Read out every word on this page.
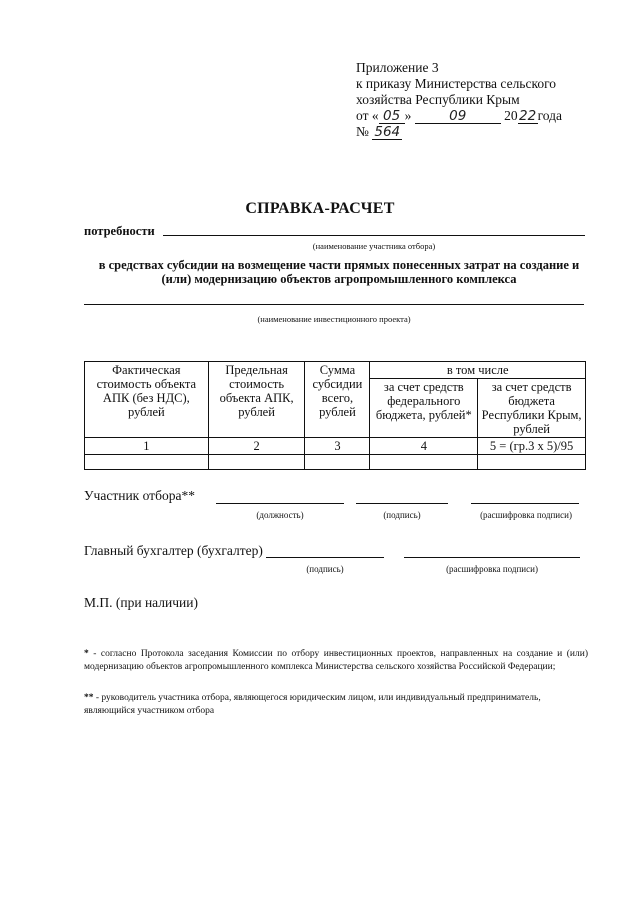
Приложение 3
к приказу Министерства сельского
хозяйства Республики Крым
от « 05 »	09	2022года
№ 564
СПРАВКА-РАСЧЕТ
потребности
(наименование участника отбора)
в средствах субсидии на возмещение части прямых понесенных затрат на создание и (или) модернизацию объектов агропромышленного комплекса
(наименование инвестиционного проекта)
Фактическая стоимость объекта АПК (без НДС), рублей	Предельная стоимость объекта АПК, рублей	Сумма субсидии всего, рублей	в том числе	
			за счет средств федерального бюджета, рублей*	за счет средств бюджета Республики Крым, рублей
1	2	3	4	5 = (гр.3 x 5)/95

Участник отбора**
(должность)	(подпись)	(расшифровка подписи)
Главный бухгалтер (бухгалтер)
(подпись)	(расшифровка подписи)
М.П. (при наличии)
* - согласно Протокола заседания Комиссии по отбору инвестиционных проектов, направленных на создание и (или) модернизацию объектов агропромышленного комплекса Министерства сельского хозяйства Российской Федерации;
** - руководитель участника отбора, являющегося юридическим лицом, или индивидуальный предприниматель, являющийся участником отбора
